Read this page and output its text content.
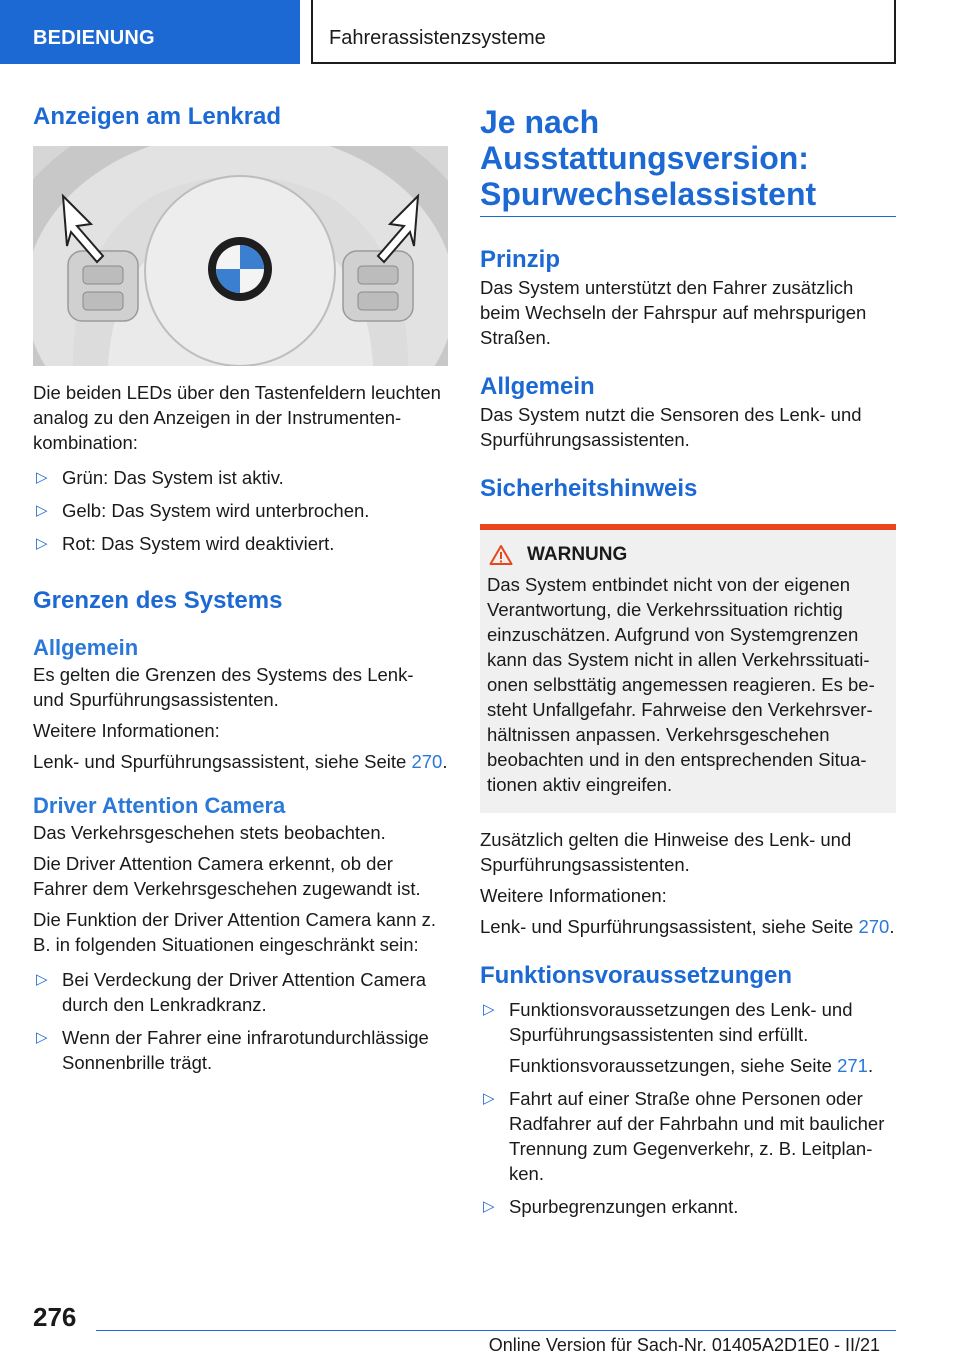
BEDIENUNG	Fahrerassistenzsysteme
Anzeigen am Lenkrad

Die beiden LEDs über den Tastenfeldern leuchten analog zu den Anzeigen in der Instrumentenkombination:

▷ Grün: Das System ist aktiv.
▷ Gelb: Das System wird unterbrochen.
▷ Rot: Das System wird deaktiviert.
Grenzen des Systems
Allgemein

Es gelten die Grenzen des Systems des Lenk- und Spurführungsassistenten.

Weitere Informationen:

Lenk- und Spurführungsassistent, siehe Seite 270.

Driver Attention Camera

Das Verkehrsgeschehen stets beobachten.

Die Driver Attention Camera erkennt, ob der Fahrer dem Verkehrsgeschehen zugewandt ist.

Die Funktion der Driver Attention Camera kann z. B. in folgenden Situationen eingeschränkt sein:

▷ Bei Verdeckung der Driver Attention Camera durch den Lenkradkranz.
▷ Wenn der Fahrer eine infrarotundurchlässige Sonnenbrille trägt.
Je nach Ausstattungsversion: Spurwechselassistent
Prinzip

Das System unterstützt den Fahrer zusätzlich beim Wechseln der Fahrspur auf mehrspurigen Straßen.

Allgemein

Das System nutzt die Sensoren des Lenk- und Spurführungsassistenten.

Sicherheitshinweis
WARNUNG

Das System entbindet nicht von der eigenen Verantwortung, die Verkehrssituation richtig einzuschätzen. Aufgrund von Systemgrenzen kann das System nicht in allen Verkehrssituationen selbsttätig angemessen reagieren. Es besteht Unfallgefahr. Fahrweise den Verkehrsverhältnissen anpassen. Verkehrsgeschehen beobachten und in den entsprechenden Situationen aktiv eingreifen.

Zusätzlich gelten die Hinweise des Lenk- und Spurführungsassistenten.

Weitere Informationen:

Lenk- und Spurführungsassistent, siehe Seite 270.

Funktionsvoraussetzungen
▷ Funktionsvoraussetzungen des Lenk- und Spurführungsassistenten sind erfüllt.

Funktionsvoraussetzungen, siehe Seite 271.

▷ Fahrt auf einer Straße ohne Personen oder Radfahrer auf der Fahrbahn und mit baulicher Trennung zum Gegenverkehr, z. B. Leitplanken.
▷ Spurbegrenzungen erkannt.
276
Online Version für Sach-Nr. 01405A2D1E0 - II/21
